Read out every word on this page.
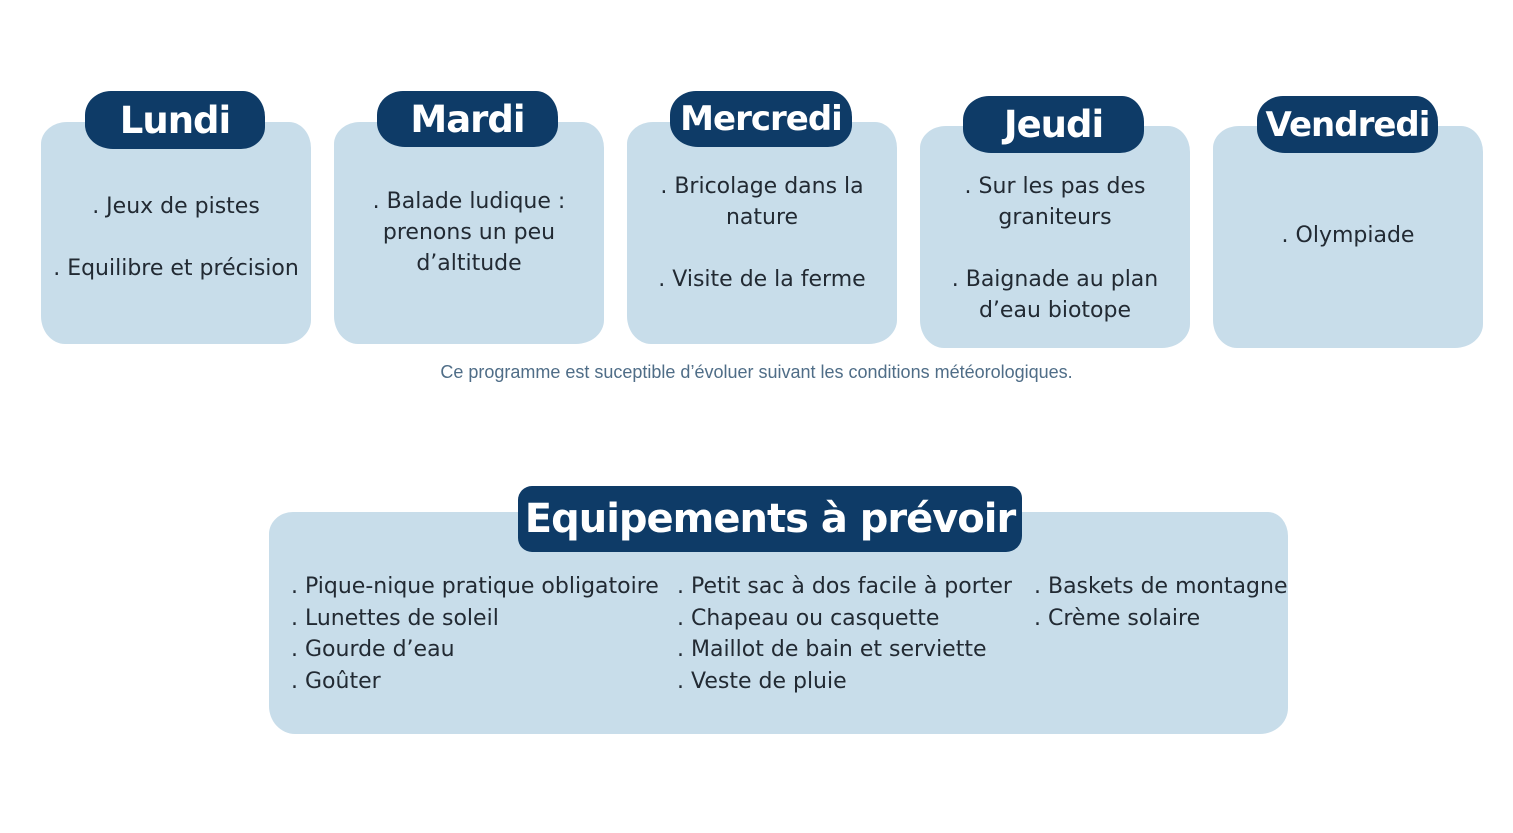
. Jeux de pistes
. Equilibre et précision
Lundi
. Balade ludique :
prenons un peu
d’altitude
Mardi
. Bricolage dans la
nature
. Visite de la ferme
Mercredi
. Sur les pas des
graniteurs
. Baignade au plan
d’eau biotope
Jeudi
. Olympiade
Vendredi
Ce programme est suceptible d’évoluer suivant les conditions météorologiques.
Equipements à prévoir
. Pique-nique pratique obligatoire
. Lunettes de soleil
. Gourde d’eau
. Goûter
. Petit sac à dos facile à porter
. Chapeau ou casquette
. Maillot de bain et serviette
. Veste de pluie
. Baskets de montagne
. Crème solaire
